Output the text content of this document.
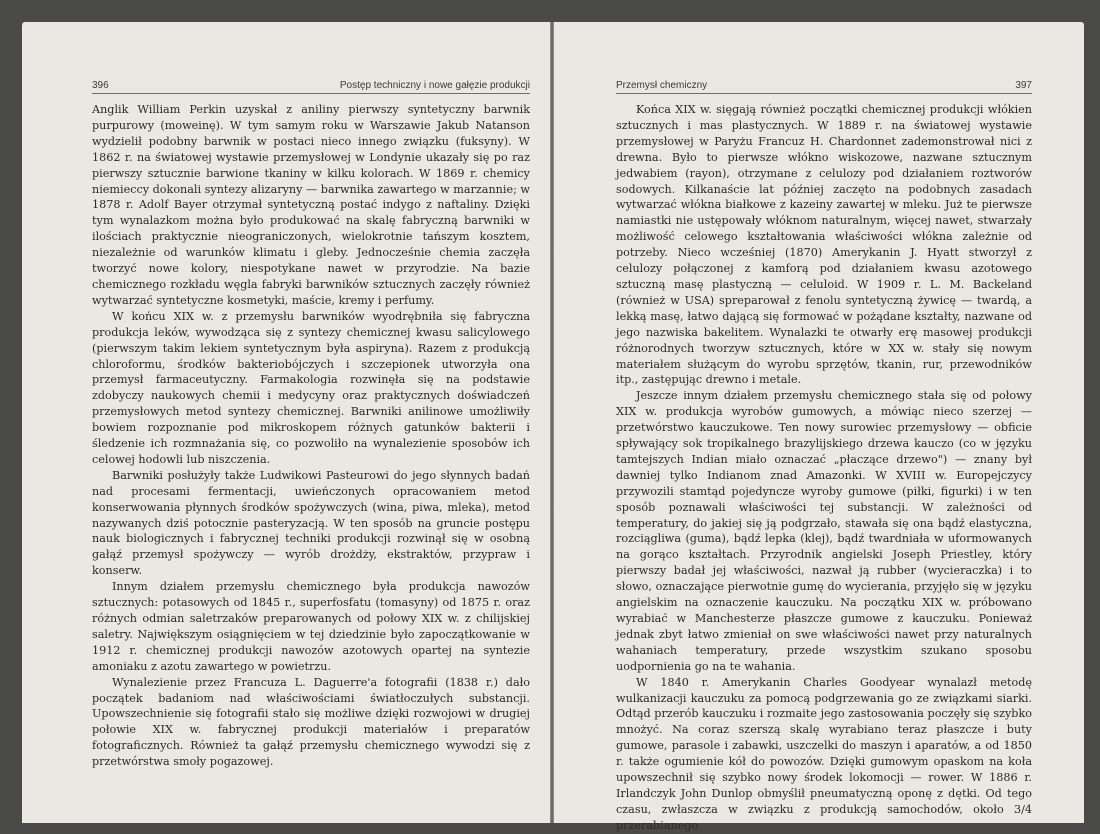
396	Postęp techniczny i nowe gałęzie produkcji

Anglik William Perkin uzyskał z aniliny pierwszy syntetyczny barwnik purpurowy (moweinę). W tym samym roku w Warszawie Jakub Natanson wydzielił podobny barwnik w postaci nieco innego związku (fuksyny). W 1862 r. na światowej wystawie przemysłowej w Londynie ukazały się po raz pierwszy sztucznie barwione tkaniny w kilku kolorach. W 1869 r. chemicy niemieccy dokonali syntezy alizaryny — barwnika zawartego w marzannie; w 1878 r. Adolf Bayer otrzymał syntetyczną postać indygo z naftaliny. Dzięki tym wynalazkom można było produkować na skalę fabryczną barwniki w ilościach praktycznie nieograniczonych, wielokrotnie tańszym kosztem, niezależnie od warunków klimatu i gleby. Jednocześnie chemia zaczęła tworzyć nowe kolory, niespotykane nawet w przyrodzie. Na bazie chemicznego rozkładu węgla fabryki barwników sztucznych zaczęły również wytwarzać syntetyczne kosmetyki, maście, kremy i perfumy.

W końcu XIX w. z przemysłu barwników wyodrębniła się fabryczna produkcja leków, wywodząca się z syntezy chemicznej kwasu salicylowego (pierwszym takim lekiem syntetycznym była aspiryna). Razem z produkcją chloroformu, środków bakteriobójczych i szczepionek utworzyła ona przemysł farmaceutyczny. Farmakologia rozwinęła się na podstawie zdobyczy naukowych chemii i medycyny oraz praktycznych doświadczeń przemysłowych metod syntezy chemicznej. Barwniki anilinowe umożliwiły bowiem rozpoznanie pod mikroskopem różnych gatunków bakterii i śledzenie ich rozmnażania się, co pozwoliło na wynalezienie sposobów ich celowej hodowli lub niszczenia.

Barwniki posłużyły także Ludwikowi Pasteurowi do jego słynnych badań nad procesami fermentacji, uwieńczonych opracowaniem metod konserwowania płynnych środków spożywczych (wina, piwa, mleka), metod nazywanych dziś potocznie pasteryzacją. W ten sposób na gruncie postępu nauk biologicznych i fabrycznej techniki produkcji rozwinął się w osobną gałąź przemysł spożywczy — wyrób drożdży, ekstraktów, przypraw i konserw.

Innym działem przemysłu chemicznego była produkcja nawozów sztucznych: potasowych od 1845 r., superfosfatu (tomasyny) od 1875 r. oraz różnych odmian saletrzaków preparowanych od połowy XIX w. z chilijskiej saletry. Największym osiągnięciem w tej dziedzinie było zapoczątkowanie w 1912 r. chemicznej produkcji nawozów azotowych opartej na syntezie amoniaku z azotu zawartego w powietrzu.

Wynalezienie przez Francuza L. Daguerre'a fotografii (1838 r.) dało początek badaniom nad właściwościami światłoczułych substancji. Upowszechnienie się fotografii stało się możliwe dzięki rozwojowi w drugiej połowie XIX w. fabrycznej produkcji materiałów i preparatów fotograficznych. Również ta gałąź przemysłu chemicznego wywodzi się z przetwórstwa smoły pogazowej.

Przemysł chemiczny	397

Końca XIX w. sięgają również początki chemicznej produkcji włókien sztucznych i mas plastycznych. W 1889 r. na światowej wystawie przemysłowej w Paryżu Francuz H. Chardonnet zademonstrował nici z drewna. Było to pierwsze włókno wiskozowe, nazwane sztucznym jedwabiem (rayon), otrzymane z celulozy pod działaniem roztworów sodowych. Kilkanaście lat później zaczęto na podobnych zasadach wytwarzać włókna białkowe z kazeiny zawartej w mleku. Już te pierwsze namiastki nie ustępowały włóknom naturalnym, więcej nawet, stwarzały możliwość celowego kształtowania właściwości włókna zależnie od potrzeby. Nieco wcześniej (1870) Amerykanin J. Hyatt stworzył z celulozy połączonej z kamforą pod działaniem kwasu azotowego sztuczną masę plastyczną — celuloid. W 1909 r. L. M. Backeland (również w USA) spreparował z fenolu syntetyczną żywicę — twardą, a lekką masę, łatwo dającą się formować w pożądane kształty, nazwane od jego nazwiska bakelitem. Wynalazki te otwarły erę masowej produkcji różnorodnych tworzyw sztucznych, które w XX w. stały się nowym materiałem służącym do wyrobu sprzętów, tkanin, rur, przewodników itp., zastępując drewno i metale.

Jeszcze innym działem przemysłu chemicznego stała się od połowy XIX w. produkcja wyrobów gumowych, a mówiąc nieco szerzej — przetwórstwo kauczukowe. Ten nowy surowiec przemysłowy — obficie spływający sok tropikalnego brazylijskiego drzewa kauczo (co w języku tamtejszych Indian miało oznaczać „płaczące drzewo") — znany był dawniej tylko Indianom znad Amazonki. W XVIII w. Europejczycy przywozili stamtąd pojedyncze wyroby gumowe (piłki, figurki) i w ten sposób poznawali właściwości tej substancji. W zależności od temperatury, do jakiej się ją podgrzało, stawała się ona bądź elastyczna, rozciągliwa (guma), bądź lepka (klej), bądź twardniała w uformowanych na gorąco kształtach. Przyrodnik angielski Joseph Priestley, który pierwszy badał jej właściwości, nazwał ją rubber (wycieraczka) i to słowo, oznaczające pierwotnie gumę do wycierania, przyjęło się w języku angielskim na oznaczenie kauczuku. Na początku XIX w. próbowano wyrabiać w Manchesterze płaszcze gumowe z kauczuku. Ponieważ jednak zbyt łatwo zmieniał on swe właściwości nawet przy naturalnych wahaniach temperatury, przede wszystkim szukano sposobu uodpornienia go na te wahania.

W 1840 r. Amerykanin Charles Goodyear wynalazł metodę wulkanizacji kauczuku za pomocą podgrzewania go ze związkami siarki. Odtąd przerób kauczuku i rozmaite jego zastosowania poczęły się szybko mnożyć. Na coraz szerszą skalę wyrabiano teraz płaszcze i buty gumowe, parasole i zabawki, uszczelki do maszyn i aparatów, a od 1850 r. także ogumienie kół do powozów. Dzięki gumowym opaskom na koła upowszechnił się szybko nowy środek lokomocji — rower. W 1886 r. Irlandczyk John Dunlop obmyślił pneumatyczną oponę z dętki. Od tego czasu, zwłaszcza w związku z produkcją samochodów, około 3/4 przerabianego
